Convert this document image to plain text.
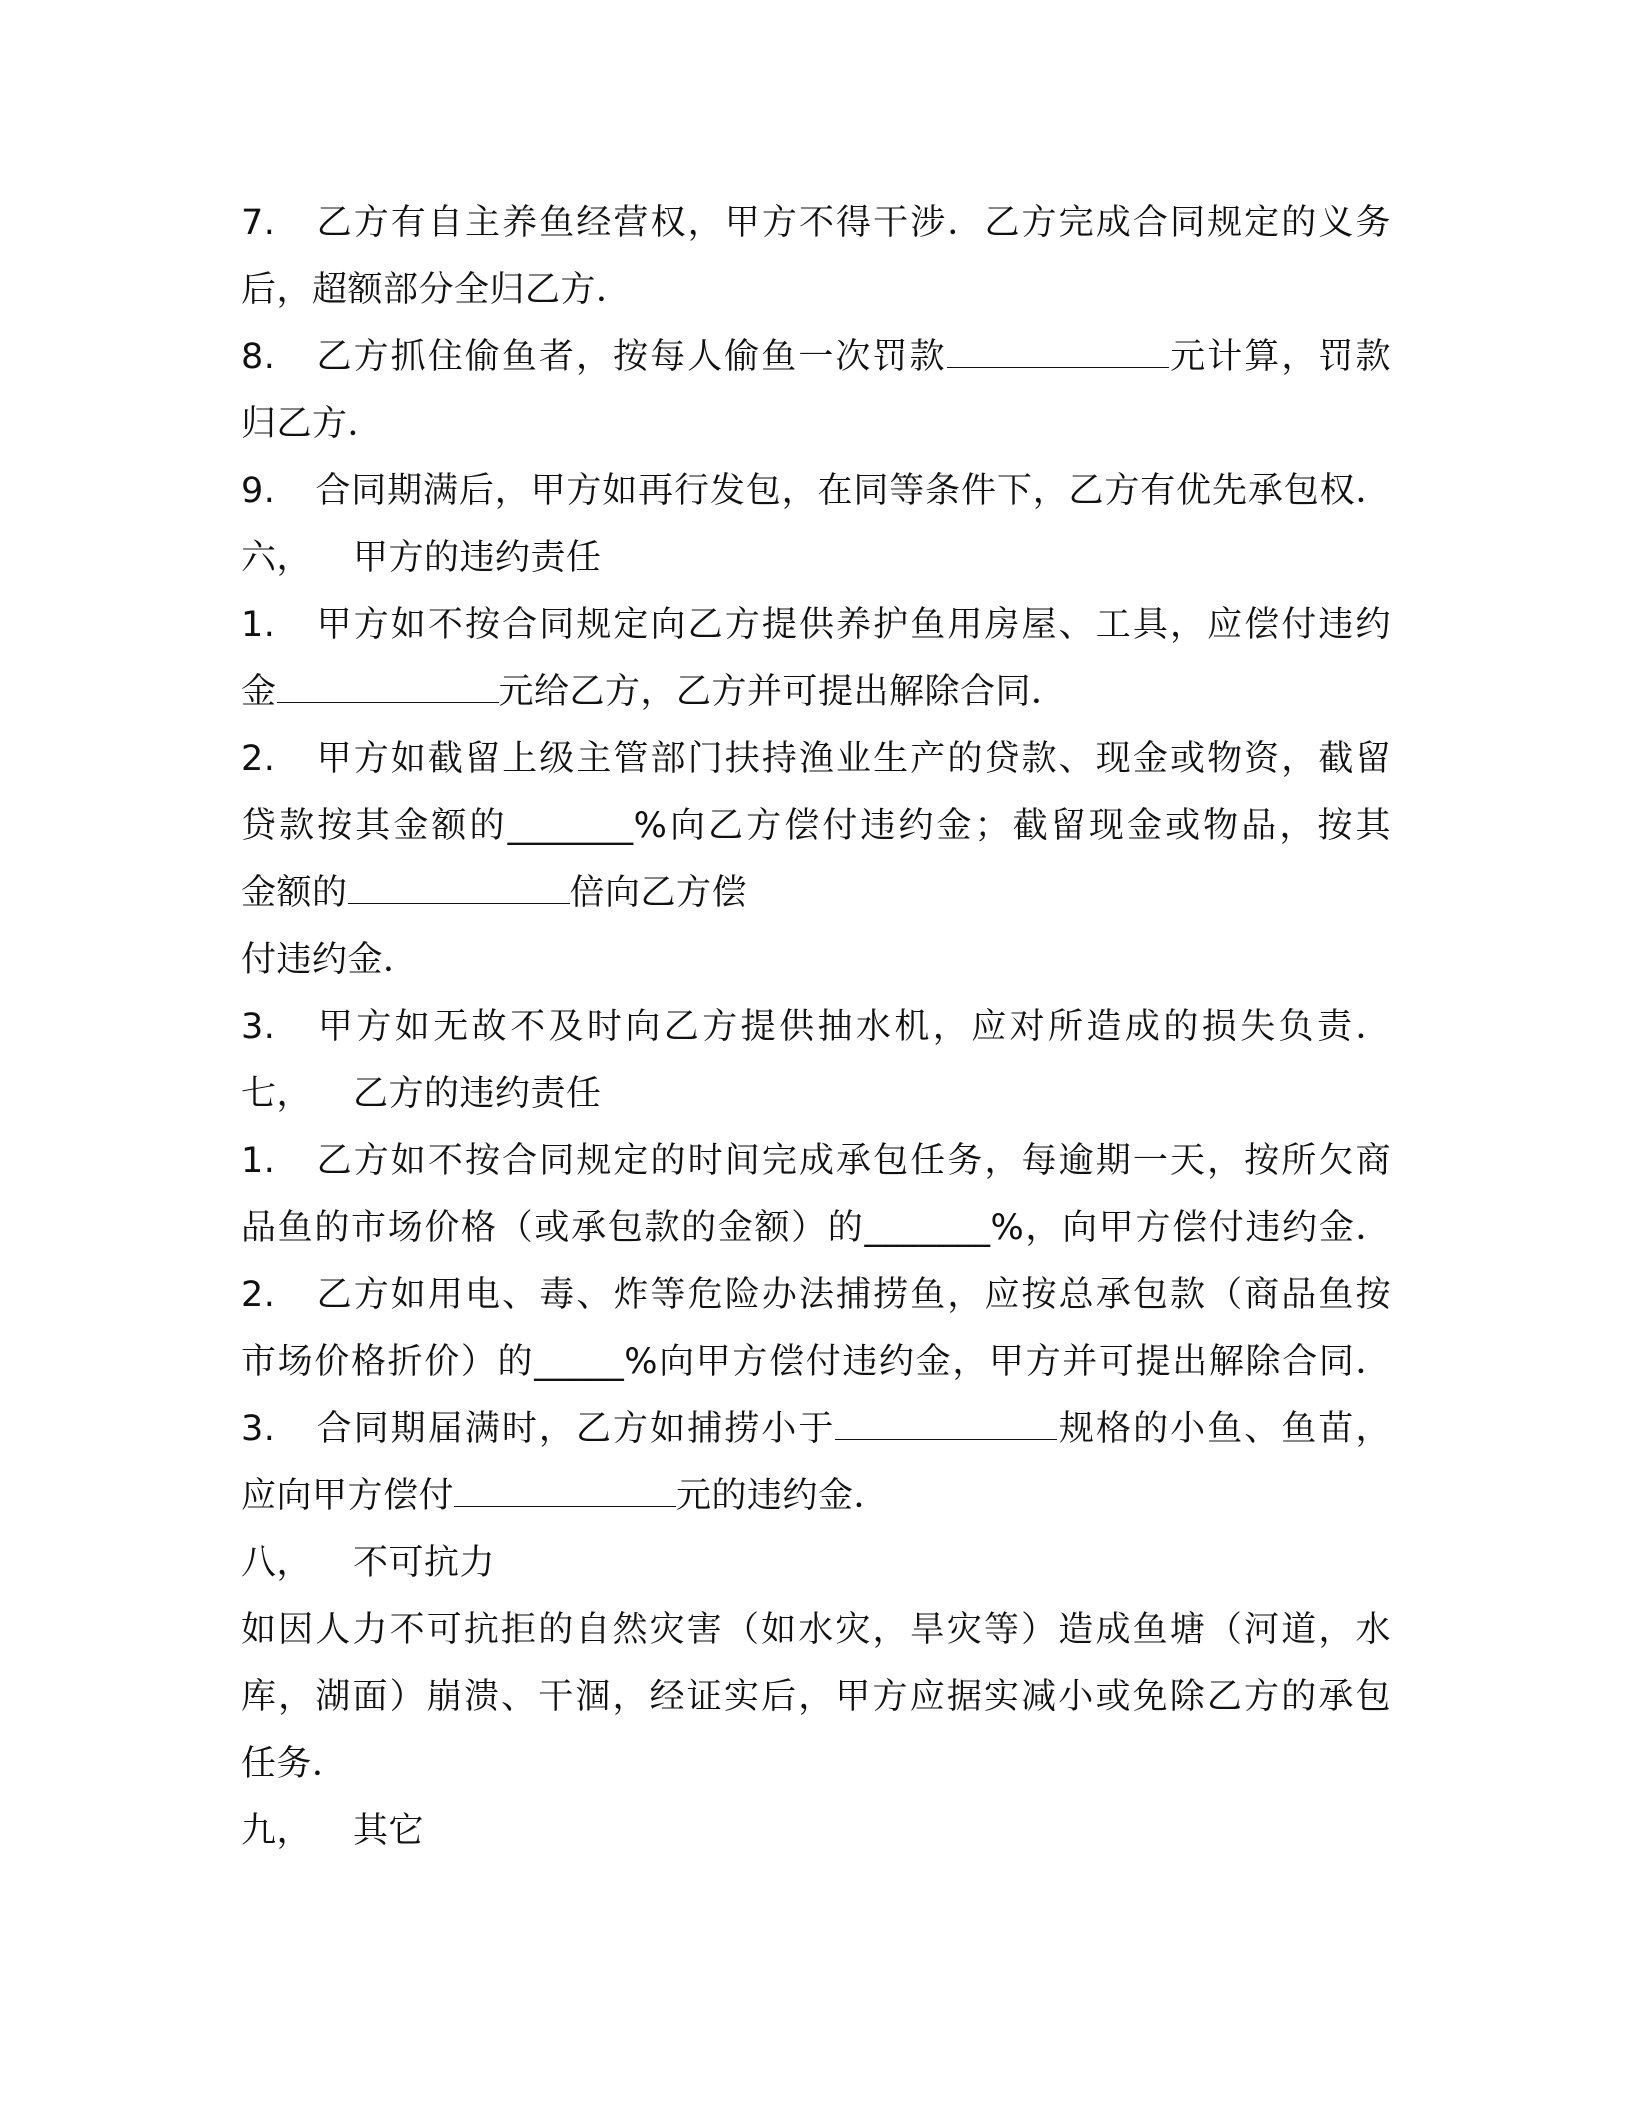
7. 乙方有自主养鱼经营权，甲方不得干涉．乙方完成合同规定的义务
后，超额部分全归乙方．
8. 乙方抓住偷鱼者，按每人偷鱼一次罚款	元计算，罚款
归乙方．
9. 合同期满后，甲方如再行发包，在同等条件下，乙方有优先承包权．
六， 甲方的违约责任
1. 甲方如不按合同规定向乙方提供养护鱼用房屋、工具，应偿付违约
金	元给乙方，乙方并可提出解除合同．
2. 甲方如截留上级主管部门扶持渔业生产的贷款、现金或物资，截留
贷款按其金额的_______%向乙方偿付违约金；截留现金或物品，按其
金额的	倍向乙方偿
付违约金．
3. 甲方如无故不及时向乙方提供抽水机，应对所造成的损失负责．
七， 乙方的违约责任
1. 乙方如不按合同规定的时间完成承包任务，每逾期一天，按所欠商
品鱼的市场价格（或承包款的金额）的_______%，向甲方偿付违约金．
2. 乙方如用电、毒、炸等危险办法捕捞鱼，应按总承包款（商品鱼按
市场价格折价）的_____%向甲方偿付违约金，甲方并可提出解除合同．
3. 合同期届满时，乙方如捕捞小于	规格的小鱼、鱼苗，
应向甲方偿付	元的违约金．
八， 不可抗力
如因人力不可抗拒的自然灾害（如水灾，旱灾等）造成鱼塘（河道，水
库，湖面）崩溃、干涸，经证实后，甲方应据实减小或免除乙方的承包
任务．
九， 其它
